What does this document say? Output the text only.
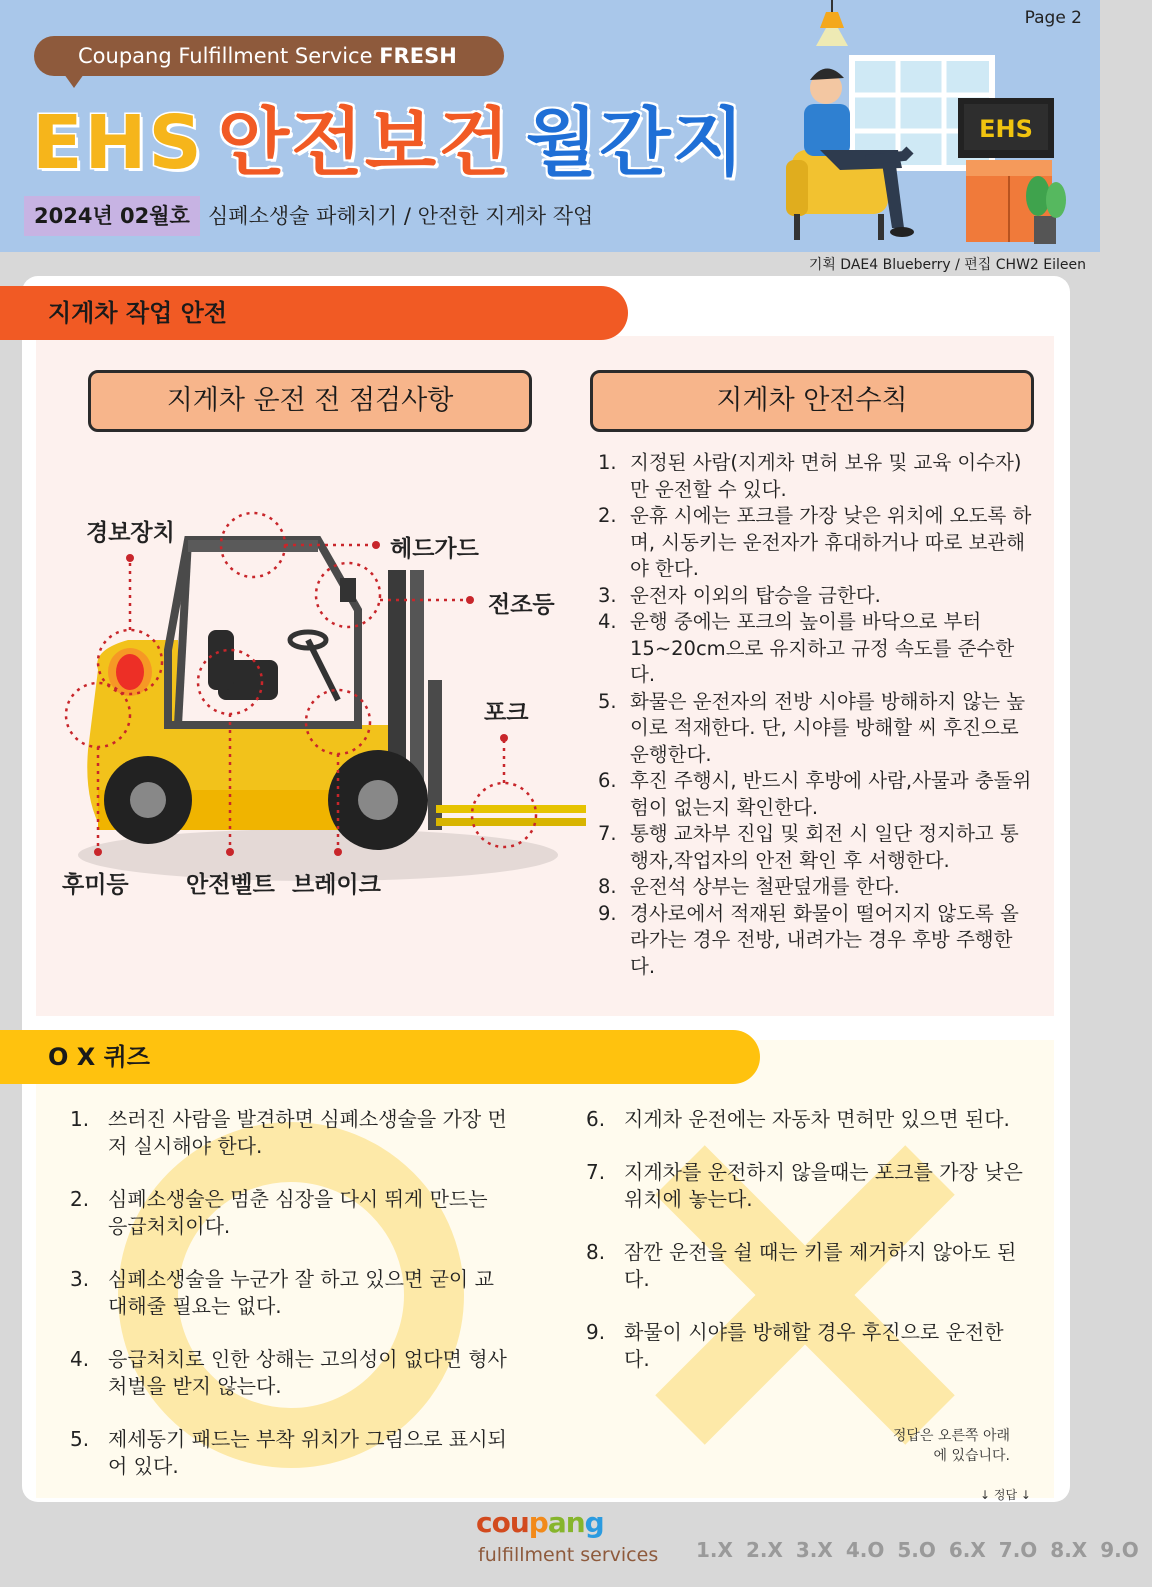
Page 2
Coupang Fulfillment Service FRESH
EHS 안전보건 월간지
2024년 02월호 심폐소생술 파헤치기 / 안전한 지게차 작업
EHS
기획 DAE4 Blueberry / 편집 CHW2 Eileen
지게차 작업 안전
지게차 운전 전 점검사항	지게차 안전수칙
경보장치
헤드가드
전조등
포크
후미등 안전벨트 브레이크
1. 지정된 사람(지게차 면허 보유 및 교육 이수자)만 운전할 수 있다.
2. 운휴 시에는 포크를 가장 낮은 위치에 오도록 하며, 시동키는 운전자가 휴대하거나 따로 보관해야 한다.
3. 운전자 이외의 탑승을 금한다.
4. 운행 중에는 포크의 높이를 바닥으로 부터 15~20cm으로 유지하고 규정 속도를 준수한다.
5. 화물은 운전자의 전방 시야를 방해하지 않는 높이로 적재한다. 단, 시야를 방해할 씨 후진으로 운행한다.
6. 후진 주행시, 반드시 후방에 사람,사물과 충돌위험이 없는지 확인한다.
7. 통행 교차부 진입 및 회전 시 일단 정지하고 통행자,작업자의 안전 확인 후 서행한다.
8. 운전석 상부는 철판덮개를 한다.
9. 경사로에서 적재된 화물이 떨어지지 않도록 올라가는 경우 전방, 내려가는 경우 후방 주행한다.
O X 퀴즈
1. 쓰러진 사람을 발견하면 심폐소생술을 가장 먼저 실시해야 한다.
2. 심폐소생술은 멈춘 심장을 다시 뛰게 만드는 응급처치이다.
3. 심폐소생술을 누군가 잘 하고 있으면 굳이 교대해줄 필요는 없다.
4. 응급처치로 인한 상해는 고의성이 없다면 형사처벌을 받지 않는다.
5. 제세동기 패드는 부착 위치가 그림으로 표시되어 있다.
6. 지게차 운전에는 자동차 면허만 있으면 된다.
7. 지게차를 운전하지 않을때는 포크를 가장 낮은 위치에 놓는다.
8. 잠깐 운전을 쉴 때는 키를 제거하지 않아도 된다.
9. 화물이 시야를 방해할 경우 후진으로 운전한다.
정답은 오른쪽 아래에 있습니다.
↓ 정답 ↓
coupang
fulfillment services 1.X 2.X 3.X 4.O 5.O 6.X 7.O 8.X 9.O
